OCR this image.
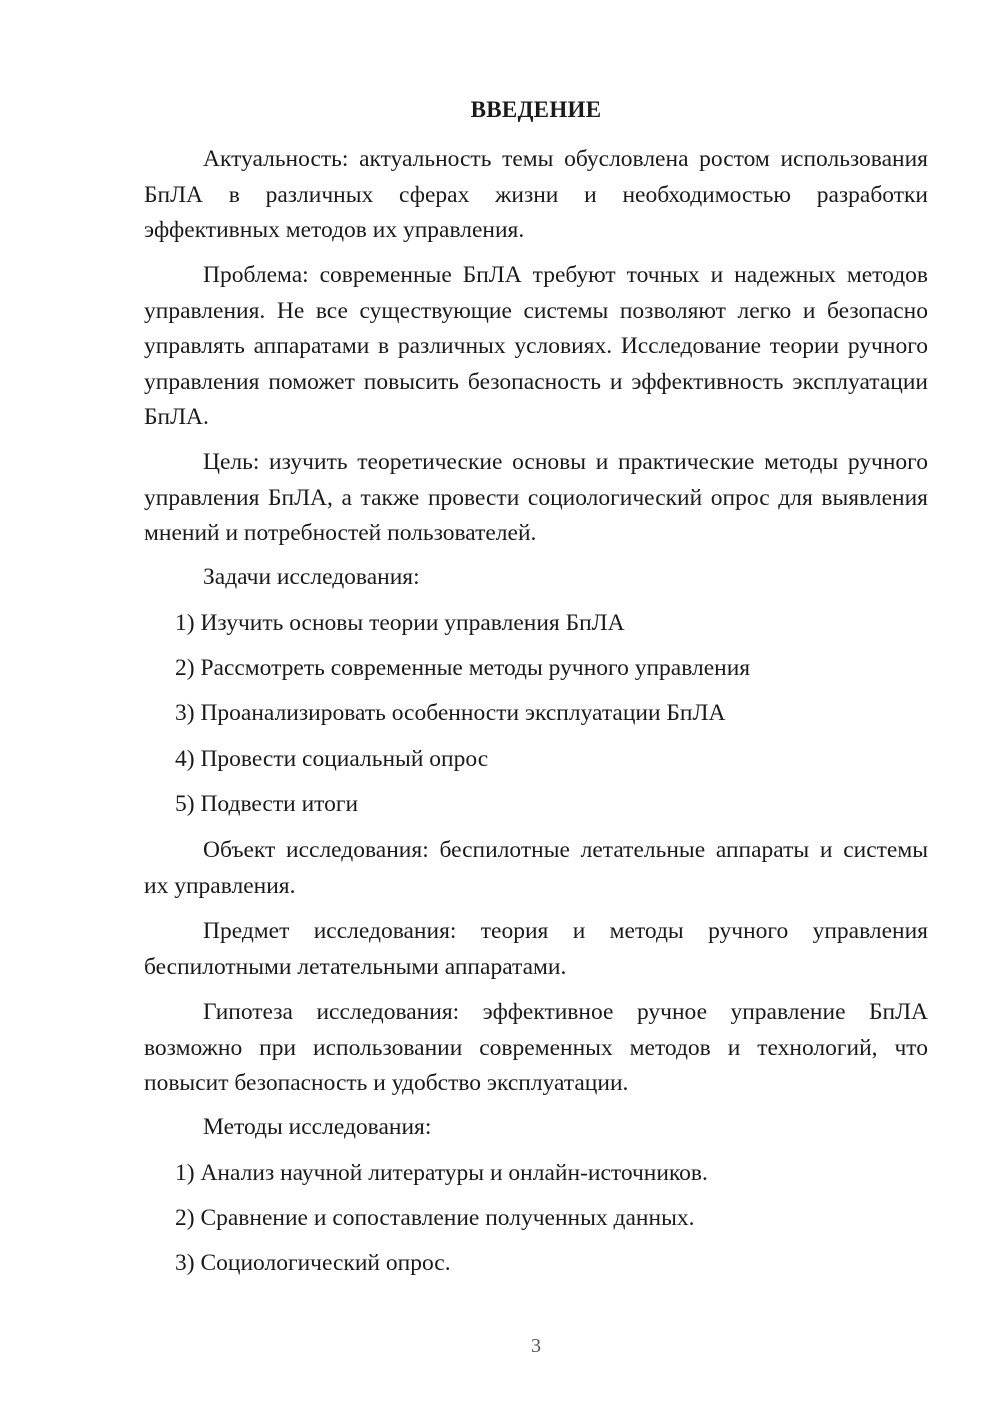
ВВЕДЕНИЕ

Актуальность: актуальность темы обусловлена ростом использования БпЛА в различных сферах жизни и необходимостью разработки эффективных методов их управления.

Проблема: современные БпЛА требуют точных и надежных методов управления. Не все существующие системы позволяют легко и безопасно управлять аппаратами в различных условиях. Исследование теории ручного управления поможет повысить безопасность и эффективность эксплуатации БпЛА.

Цель: изучить теоретические основы и практические методы ручного управления БпЛА, а также провести социологический опрос для выявления мнений и потребностей пользователей.

Задачи исследования:

1) Изучить основы теории управления БпЛА

2) Рассмотреть современные методы ручного управления

3) Проанализировать особенности эксплуатации БпЛА

4) Провести социальный опрос

5) Подвести итоги

Объект исследования: беспилотные летательные аппараты и системы их управления.

Предмет исследования: теория и методы ручного управления беспилотными летательными аппаратами.

Гипотеза исследования: эффективное ручное управление БпЛА возможно при использовании современных методов и технологий, что повысит безопасность и удобство эксплуатации.

Методы исследования:

1) Анализ научной литературы и онлайн-источников.

2) Сравнение и сопоставление полученных данных.

3) Социологический опрос.

3
